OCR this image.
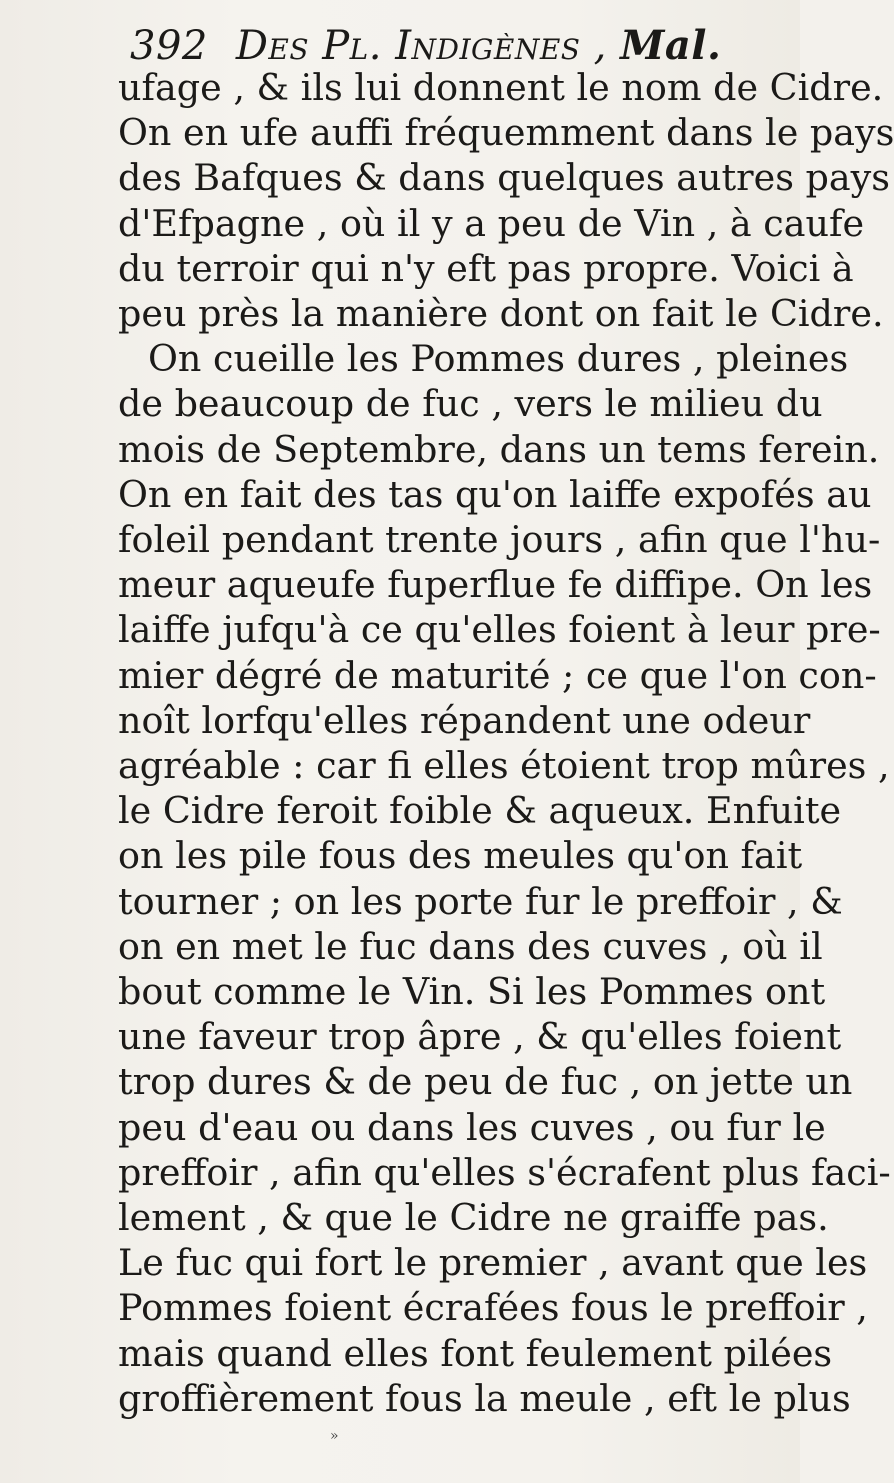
392 Des Pl. Indigènes , Mal.
ufage , & ils lui donnent le nom de Cidre.
On en ufe auffi fréquemment dans le pays
des Bafques & dans quelques autres pays
d'Efpagne , où il y a peu de Vin , à caufe
du terroir qui n'y eft pas propre. Voici à
peu près la manière dont on fait le Cidre.
On cueille les Pommes dures , pleines
de beaucoup de fuc , vers le milieu du
mois de Septembre, dans un tems ferein.
On en fait des tas qu'on laiffe expofés au
foleil pendant trente jours , afin que l'hu-
meur aqueufe fuperflue fe diffipe. On les
laiffe jufqu'à ce qu'elles foient à leur pre-
mier dégré de maturité ; ce que l'on con-
noît lorfqu'elles répandent une odeur
agréable : car fi elles étoient trop mûres ,
le Cidre feroit foible & aqueux. Enfuite
on les pile fous des meules qu'on fait
tourner ; on les porte fur le preffoir , &
on en met le fuc dans des cuves , où il
bout comme le Vin. Si les Pommes ont
une faveur trop âpre , & qu'elles foient
trop dures & de peu de fuc , on jette un
peu d'eau ou dans les cuves , ou fur le
preffoir , afin qu'elles s'écrafent plus faci-
lement , & que le Cidre ne graiffe pas.
Le fuc qui fort le premier , avant que les
Pommes foient écrafées fous le preffoir ,
mais quand elles font feulement pilées
groffièrement fous la meule , eft le plus
»
